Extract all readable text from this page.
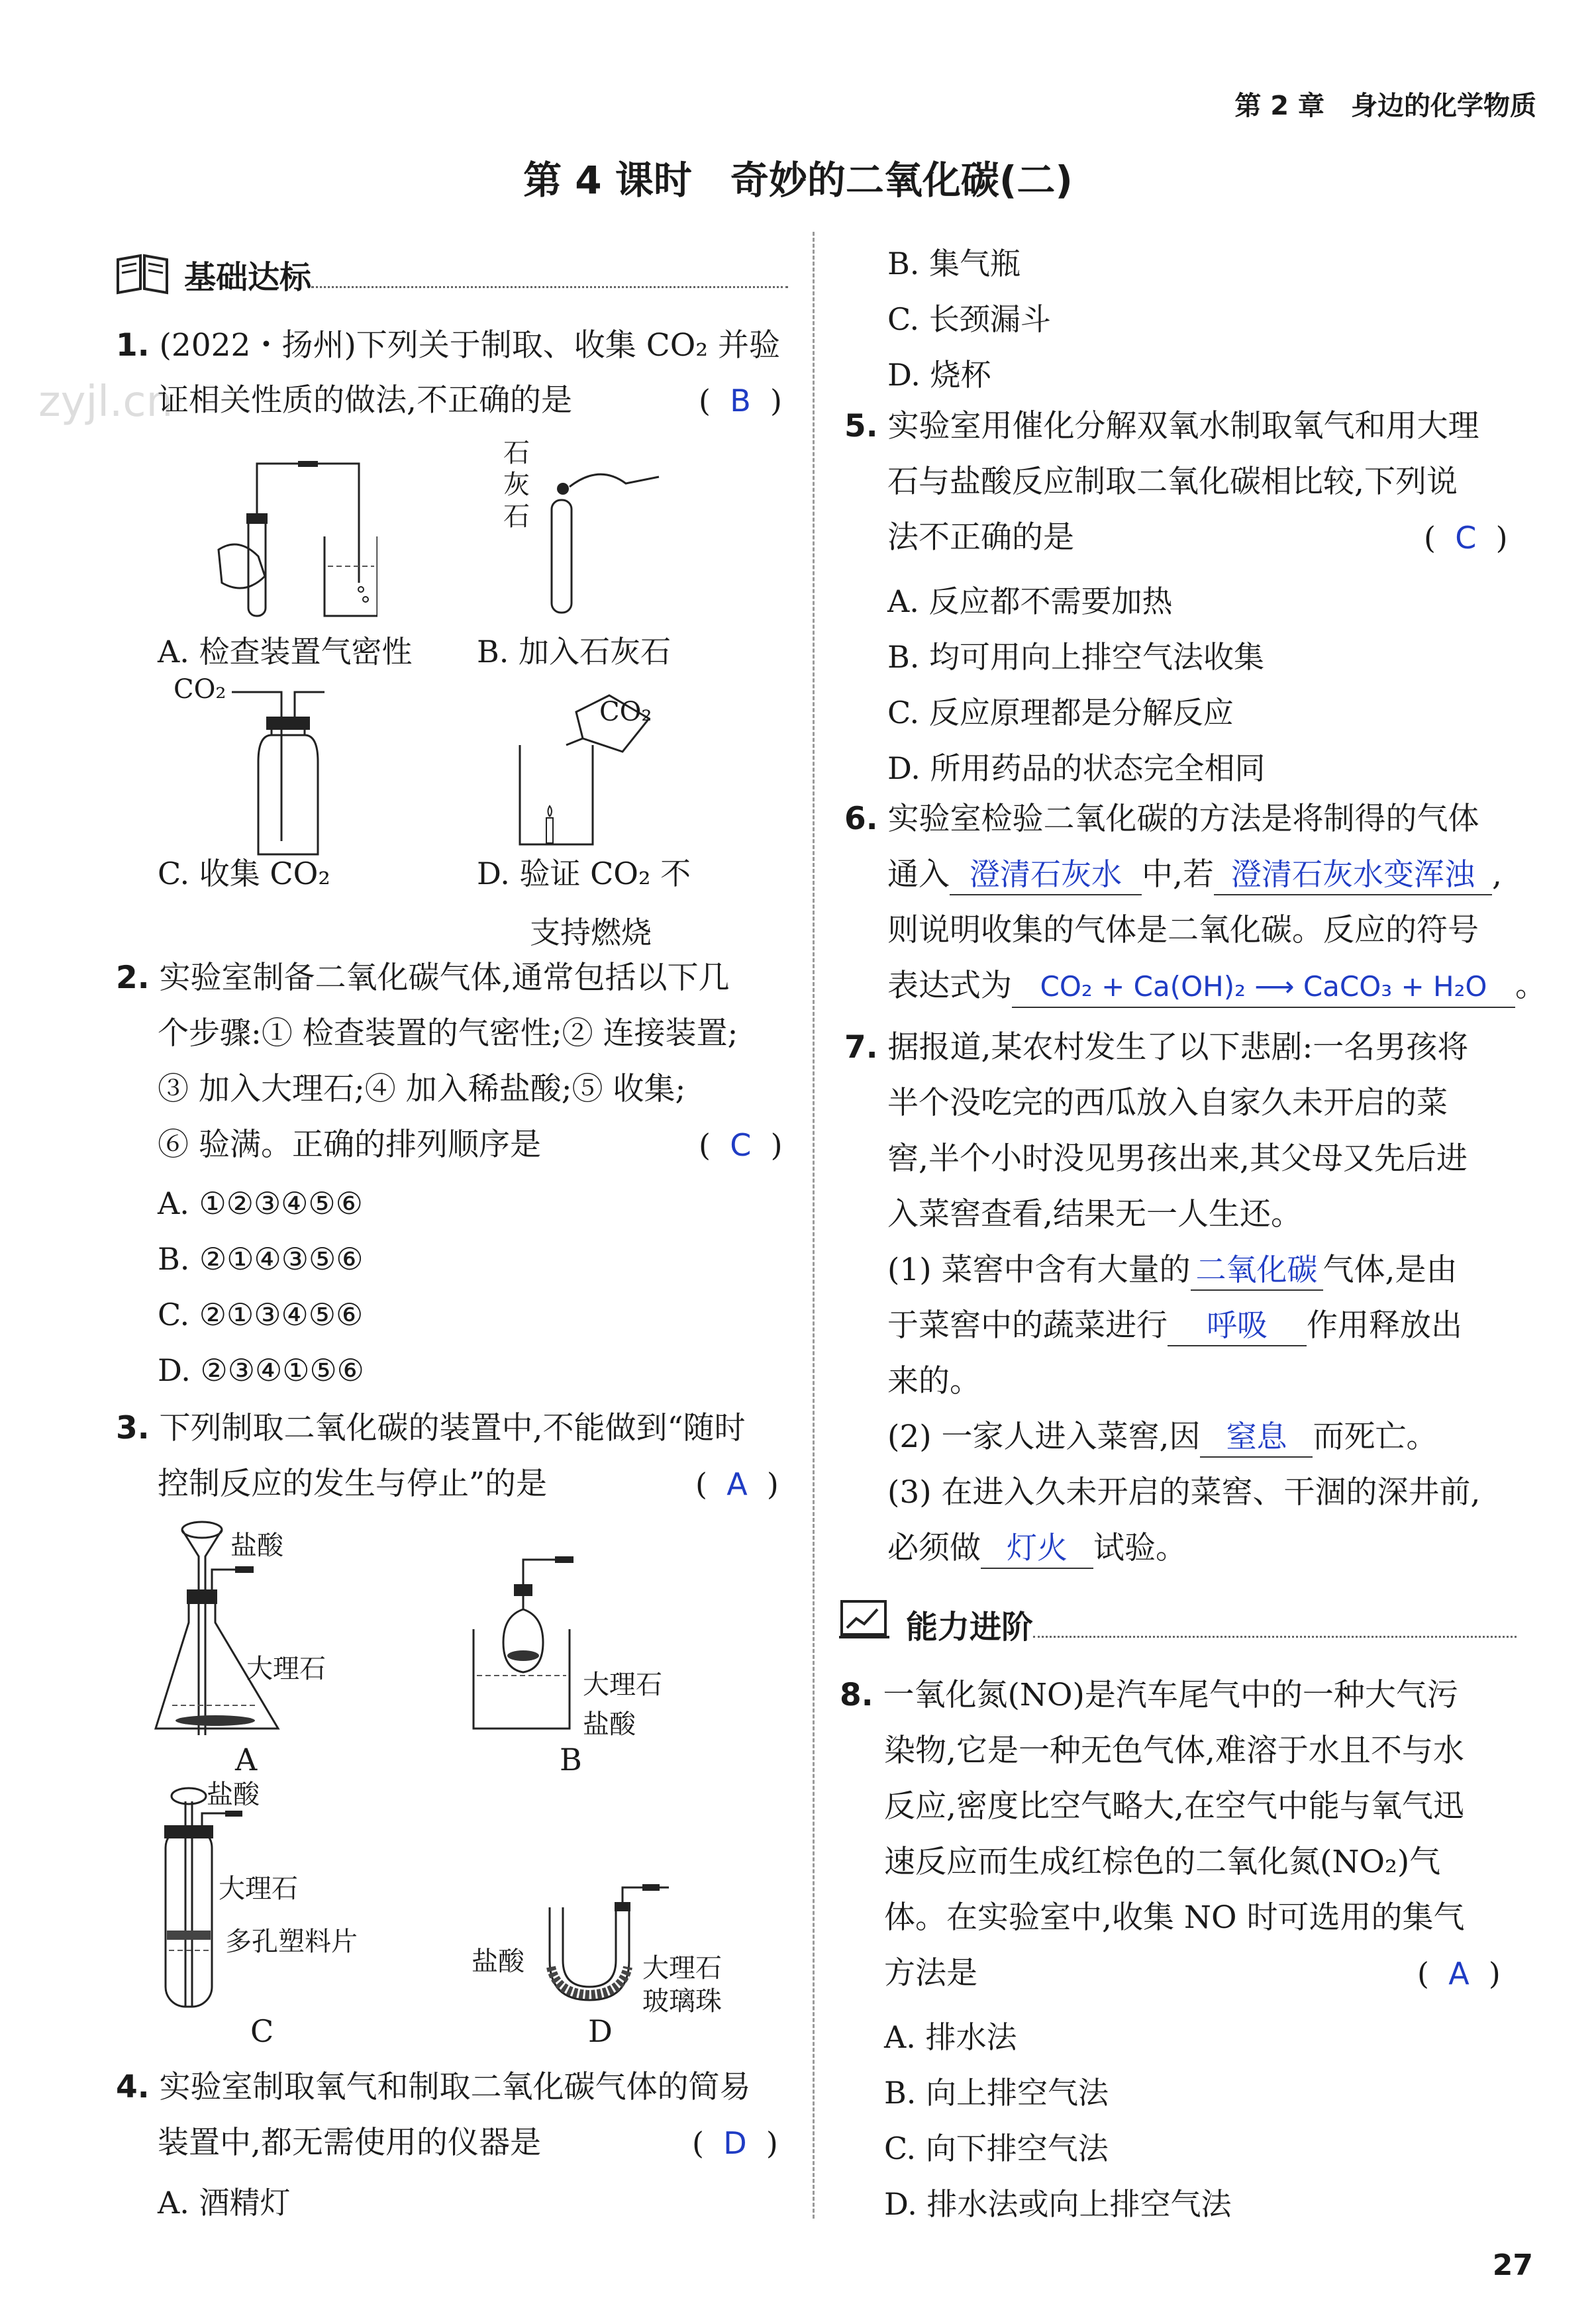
第 2 章　身边的化学物质
第 4 课时　奇妙的二氧化碳(二)
zyjl.cn
基础达标
1. (2022・扬州)下列关于制取、收集 CO₂ 并验
证相关性质的做法,不正确的是	(  B  )
石灰石
A. 检查装置气密性 B. 加入石灰石
CO₂
CO₂
C. 收集 CO₂	D. 验证 CO₂ 不
支持燃烧
2. 实验室制备二氧化碳气体,通常包括以下几
个步骤:① 检查装置的气密性;② 连接装置;
③ 加入大理石;④ 加入稀盐酸;⑤ 收集;
⑥ 验满。正确的排列顺序是	(  C  )
A. ①②③④⑤⑥
B. ②①④③⑤⑥
C. ②①③④⑤⑥
D. ②③④①⑤⑥
3. 下列制取二氧化碳的装置中,不能做到“随时
控制反应的发生与停止”的是	(  A  )
盐酸
大理石
A
大理石
盐酸
B
盐酸
大理石
多孔塑料片
C
盐酸	大理石
玻璃珠
D
4. 实验室制取氧气和制取二氧化碳气体的简易
装置中,都无需使用的仪器是	(  D  )
A. 酒精灯
B. 集气瓶
C. 长颈漏斗
D. 烧杯
5. 实验室用催化分解双氧水制取氧气和用大理
石与盐酸反应制取二氧化碳相比较,下列说
法不正确的是	(  C  )
A. 反应都不需要加热
B. 均可用向上排空气法收集
C. 反应原理都是分解反应
D. 所用药品的状态完全相同
6. 实验室检验二氧化碳的方法是将制得的气体
通入 澄清石灰水 中,若 澄清石灰水变浑浊 ,
则说明收集的气体是二氧化碳。反应的符号
表达式为 CO₂ + Ca(OH)₂ ⟶ CaCO₃ + H₂O 。
7. 据报道,某农村发生了以下悲剧:一名男孩将
半个没吃完的西瓜放入自家久未开启的菜
窖,半个小时没见男孩出来,其父母又先后进
入菜窖查看,结果无一人生还。
(1) 菜窖中含有大量的 二氧化碳 气体,是由
于菜窖中的蔬菜进行 呼吸 作用释放出
来的。
(2) 一家人进入菜窖,因 窒息 而死亡。
(3) 在进入久未开启的菜窖、干涸的深井前,
必须做 灯火 试验。
能力进阶
8. 一氧化氮(NO)是汽车尾气中的一种大气污
染物,它是一种无色气体,难溶于水且不与水
反应,密度比空气略大,在空气中能与氧气迅
速反应而生成红棕色的二氧化氮(NO₂)气
体。在实验室中,收集 NO 时可选用的集气
方法是	(  A  )
A. 排水法
B. 向上排空气法
C. 向下排空气法
D. 排水法或向上排空气法
27
